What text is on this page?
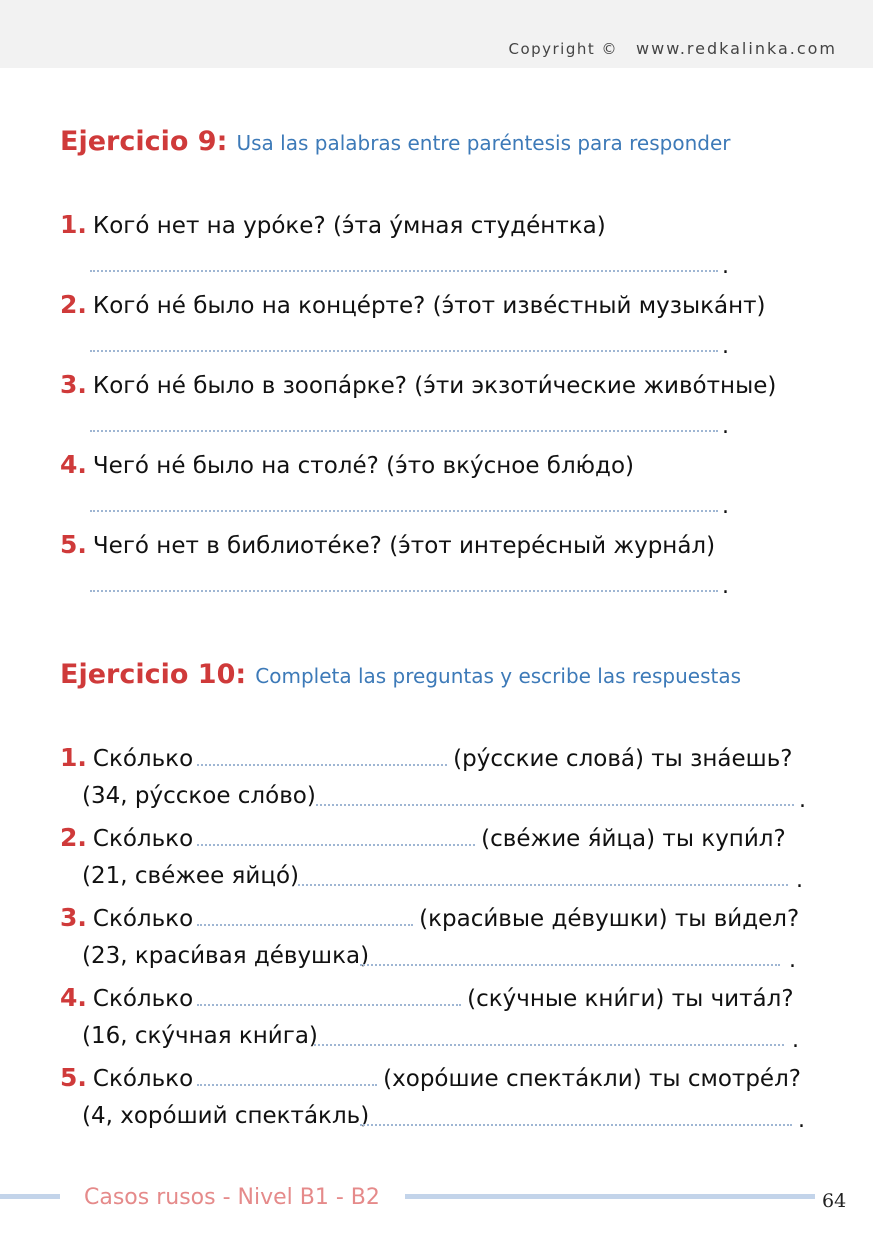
Copyright © www.redkalinka.com
Ejercicio 9: Usa las palabras entre paréntesis para responder
1. Кого́ нет на уро́ке? (э́та у́мная студе́нтка)
.
2. Кого́ не́ было на конце́рте? (э́тот изве́стный музыка́нт)
.
3. Кого́ не́ было в зоопа́рке? (э́ти экзоти́ческие живо́тные)
.
4. Чего́ не́ было на столе́? (э́то вку́сное блю́до)
.
5. Чего́ нет в библиоте́ке? (э́тот интере́сный журна́л)
.
Ejercicio 10: Completa las preguntas y escribe las respuestas
1. Ско́лько	(ру́сские слова́) ты зна́ешь?
(34, ру́сское сло́во)	.
2. Ско́лько	(све́жие я́йца) ты купи́л?
(21, све́жее яйцо́)	.
3. Ско́лько	(краси́вые де́вушки) ты ви́дел?
(23, краси́вая де́вушка)	.
4. Ско́лько	(ску́чные кни́ги) ты чита́л?
(16, ску́чная кни́га)	.
5. Ско́лько	(хоро́шие спекта́кли) ты смотре́л?
(4, хоро́ший спекта́кль)	.
Casos rusos - Nivel B1 - B2	64
